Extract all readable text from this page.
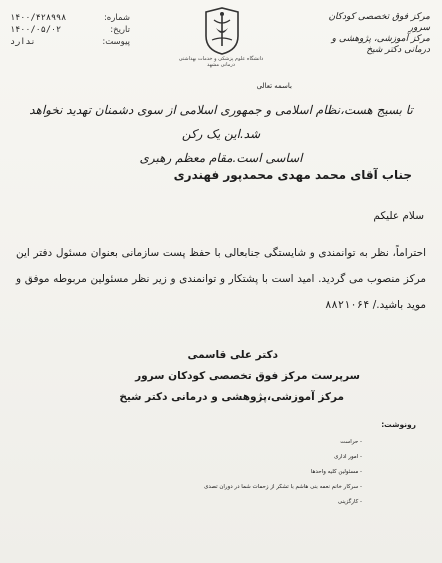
۱۴۰۰/۴۲۸۹۹۸	شماره:
۱۴۰۰/۰۵/۰۲	تاریخ:
ندارد	پیوست:
دانشگاه علوم پزشکی و خدمات بهداشتی درمانی مشهد
مرکز فوق تخصصی کودکان سرور
مرکز آموزشی، پژوهشی و درمانی دکتر شیخ
باسمه تعالی
تا بسیج هست،نظام اسلامی و جمهوری اسلامی از سوی دشمنان تهدید نخواهد شد.این یک رکن
اساسی است.مقام معظم رهبری
جناب آقای محمد مهدی محمدپور فهندری
سلام علیکم
احتراماً، نظر به توانمندی و شایستگی جنابعالی با حفظ پست سازمانی بعنوان مسئول دفتر این مرکز منصوب می گردید. امید است با پشتکار و توانمندی و زیر نظر مسئولین مربوطه موفق و موید باشید./ ۸۸۲۱۰۶۴
دکتر علی قاسمی
سرپرست مرکز فوق تخصصی کودکان سرور
مرکز آموزشی،پژوهشی و درمانی دکتر شیخ
رونوشت:
- حراست
- امور اداری
- مسئولین کلیه واحدها
- سرکار خانم نعمه بنی هاشم با تشکر از زحمات شما در دوران تصدی
- کارگزینی
